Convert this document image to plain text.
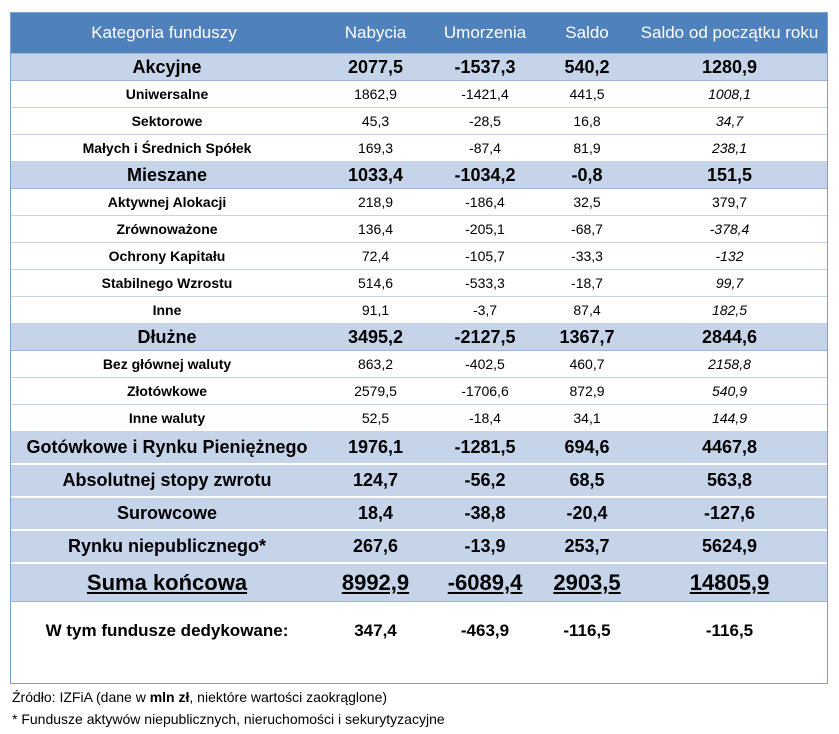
Kategoria funduszy	Nabycia	Umorzenia	Saldo	Saldo od początku roku
Akcyjne	2077,5	-1537,3	540,2	1280,9
Uniwersalne	1862,9	-1421,4	441,5	1008,1
Sektorowe	45,3	-28,5	16,8	34,7
Małych i Średnich Spółek	169,3	-87,4	81,9	238,1
Mieszane	1033,4	-1034,2	-0,8	151,5
Aktywnej Alokacji	218,9	-186,4	32,5	379,7
Zrównoważone	136,4	-205,1	-68,7	-378,4
Ochrony Kapitału	72,4	-105,7	-33,3	-132
Stabilnego Wzrostu	514,6	-533,3	-18,7	99,7
Inne	91,1	-3,7	87,4	182,5
Dłużne	3495,2	-2127,5	1367,7	2844,6
Bez głównej waluty	863,2	-402,5	460,7	2158,8
Złotówkowe	2579,5	-1706,6	872,9	540,9
Inne waluty	52,5	-18,4	34,1	144,9
Gotówkowe i Rynku Pieniężnego	1976,1	-1281,5	694,6	4467,8
Absolutnej stopy zwrotu	124,7	-56,2	68,5	563,8
Surowcowe	18,4	-38,8	-20,4	-127,6
Rynku niepublicznego*	267,6	-13,9	253,7	5624,9
Suma końcowa	8992,9	-6089,4	2903,5	14805,9
W tym fundusze dedykowane:	347,4	-463,9	-116,5	-116,5

Źródło: IZFiA (dane w mln zł, niektóre wartości zaokrąglone)

* Fundusze aktywów niepublicznych, nieruchomości i sekurytyzacyjne
